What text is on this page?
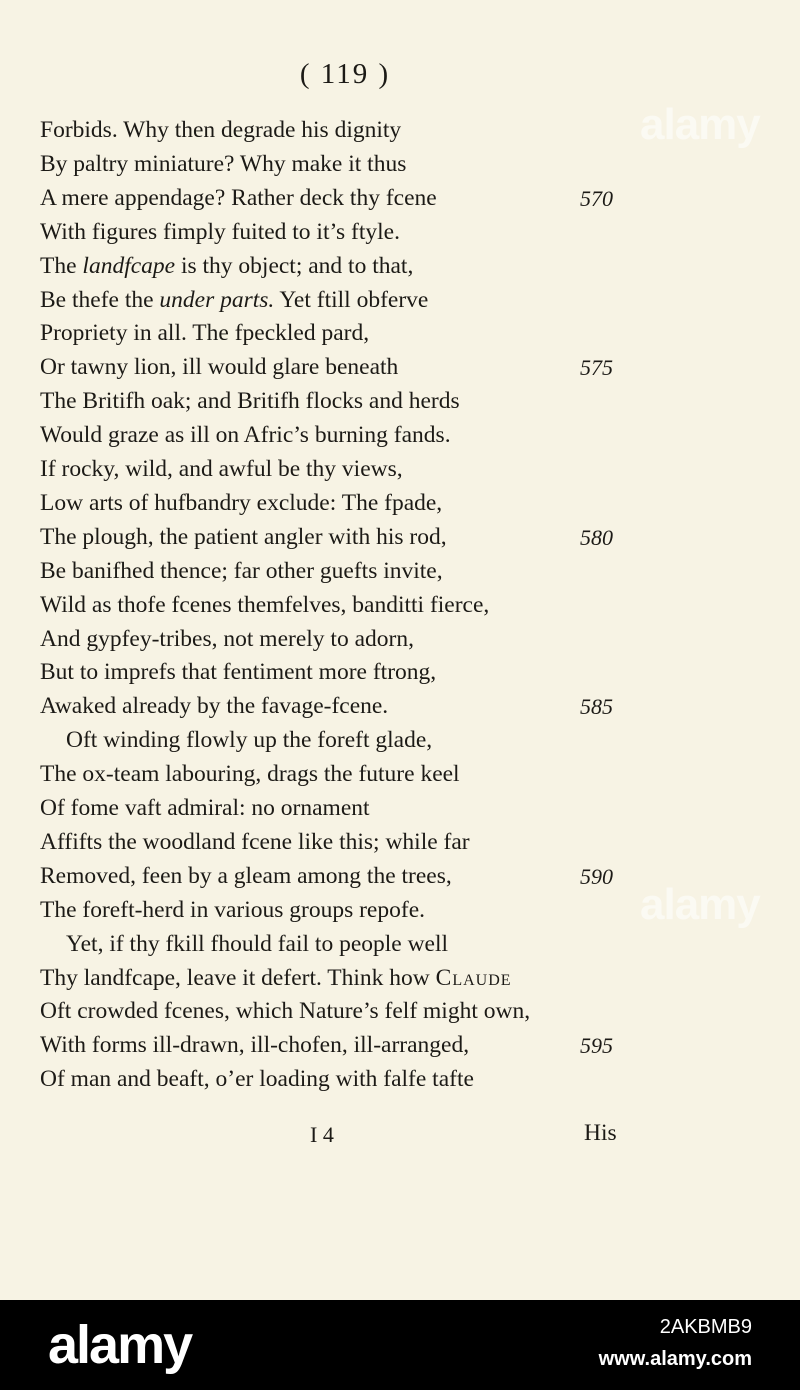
( 119 )
Forbids. Why then degrade his dignity
By paltry miniature? Why make it thus
A mere appendage? Rather deck thy fcene	570
With figures fimply fuited to it’s ftyle.
The landfcape is thy object; and to that,
Be thefe the under parts. Yet ftill obferve
Propriety in all. The fpeckled pard,
Or tawny lion, ill would glare beneath	575
The Britifh oak; and Britifh flocks and herds
Would graze as ill on Afric’s burning fands.
If rocky, wild, and awful be thy views,
Low arts of hufbandry exclude: The fpade,
The plough, the patient angler with his rod,	580
Be banifhed thence; far other guefts invite,
Wild as thofe fcenes themfelves, banditti fierce,
And gypfey-tribes, not merely to adorn,
But to imprefs that fentiment more ftrong,
Awaked already by the favage-fcene.	585
Oft winding flowly up the foreft glade,
The ox-team labouring, drags the future keel
Of fome vaft admiral: no ornament
Affifts the woodland fcene like this; while far
Removed, feen by a gleam among the trees,	590
The foreft-herd in various groups repofe.
Yet, if thy fkill fhould fail to people well
Thy landfcape, leave it defert. Think how Claude
Oft crowded fcenes, which Nature’s felf might own,
With forms ill-drawn, ill-chofen, ill-arranged,	595
Of man and beaft, o’er loading with falfe tafte
I 4	His
alamy
alamy
alamy	2AKBMB9
www.alamy.com
